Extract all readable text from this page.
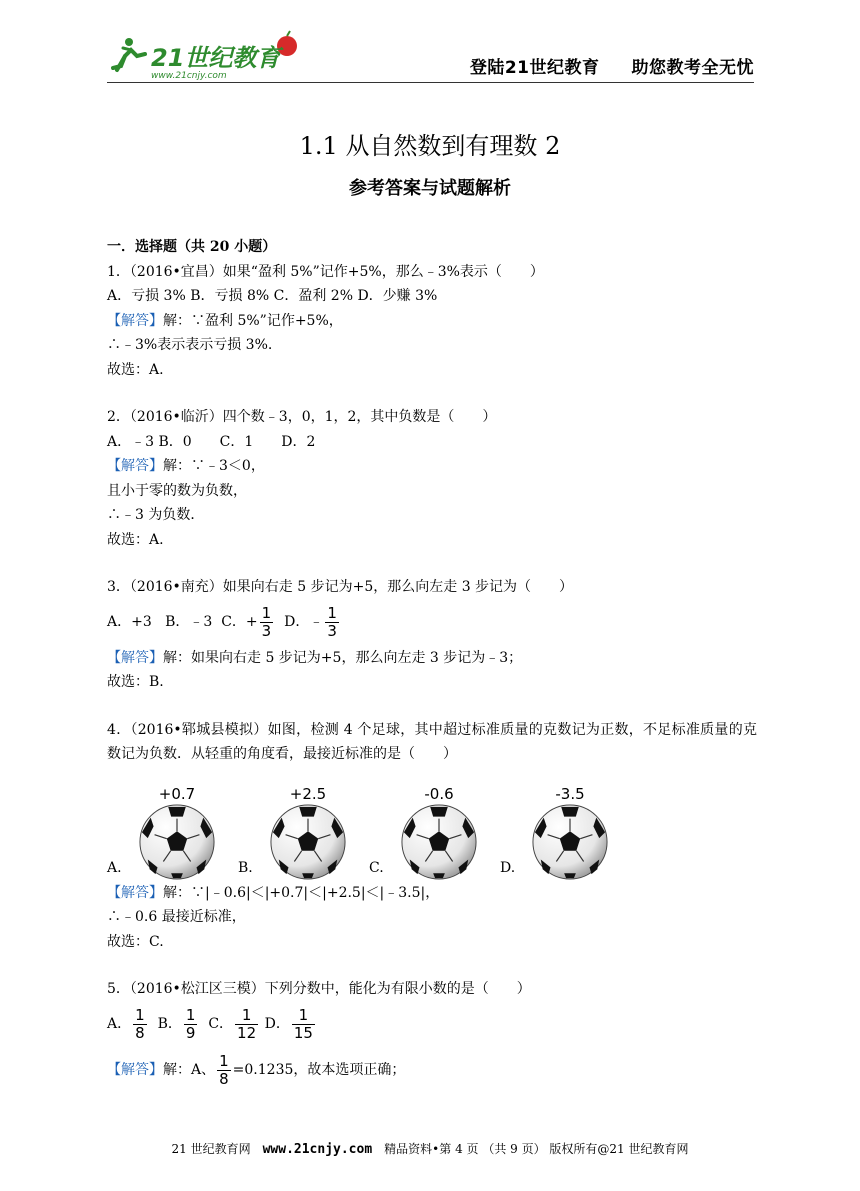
21世纪教育
www.21cnjy.com	登陆21世纪教育 助您教考全无忧
1.1 从自然数到有理数 2
参考答案与试题解析
一．选择题（共 20 小题）
1．（2016•宜昌）如果“盈利 5%”记作+5%，那么﹣3%表示（　　）
A．亏损 3% B．亏损 8% C．盈利 2% D．少赚 3%
【解答】解：∵盈利 5%”记作+5%，
∴﹣3%表示表示亏损 3%.
故选：A.
2．（2016•临沂）四个数﹣3，0，1，2，其中负数是（　　）
A．﹣3 B．0　　C．1　　D．2
【解答】解：∵﹣3＜0，
且小于零的数为负数，
∴﹣3 为负数．
故选：A.
3．（2016•南充）如果向右走 5 步记为+5，那么向左走 3 步记为（　　）
A．+3
B．﹣3
C．+ $\frac{1}{3}$
D．﹣ $\frac{1}{3}$
【解答】解：如果向右走 5 步记为+5，那么向左走 3 步记为﹣3；
故选：B.
4．（2016•郓城县模拟）如图，检测 4 个足球，其中超过标准质量的克数记为正数，不足标准质量的克数记为负数．从轻重的角度看，最接近标准的是（　　）
A.
+0.7
B.
+2.5
C.
-0.6
D.
-3.5
【解答】解：∵|﹣0.6|＜|+0.7|＜|+2.5|＜|﹣3.5|，
∴﹣0.6 最接近标准，
故选：C.
5．（2016•松江区三模）下列分数中，能化为有限小数的是（　　）
A． $\frac{1}{8}$
B． $\frac{1}{9}$
C． $\frac{1}{12}$
D． $\frac{1}{15}$
【解答】 解：A、 $\frac{1}{8} =0.1235$，故本选项正确；
21 世纪教育网 www.21cnjy.com 精品资料•第 4 页 （共 9 页） 版权所有@21 世纪教育网
